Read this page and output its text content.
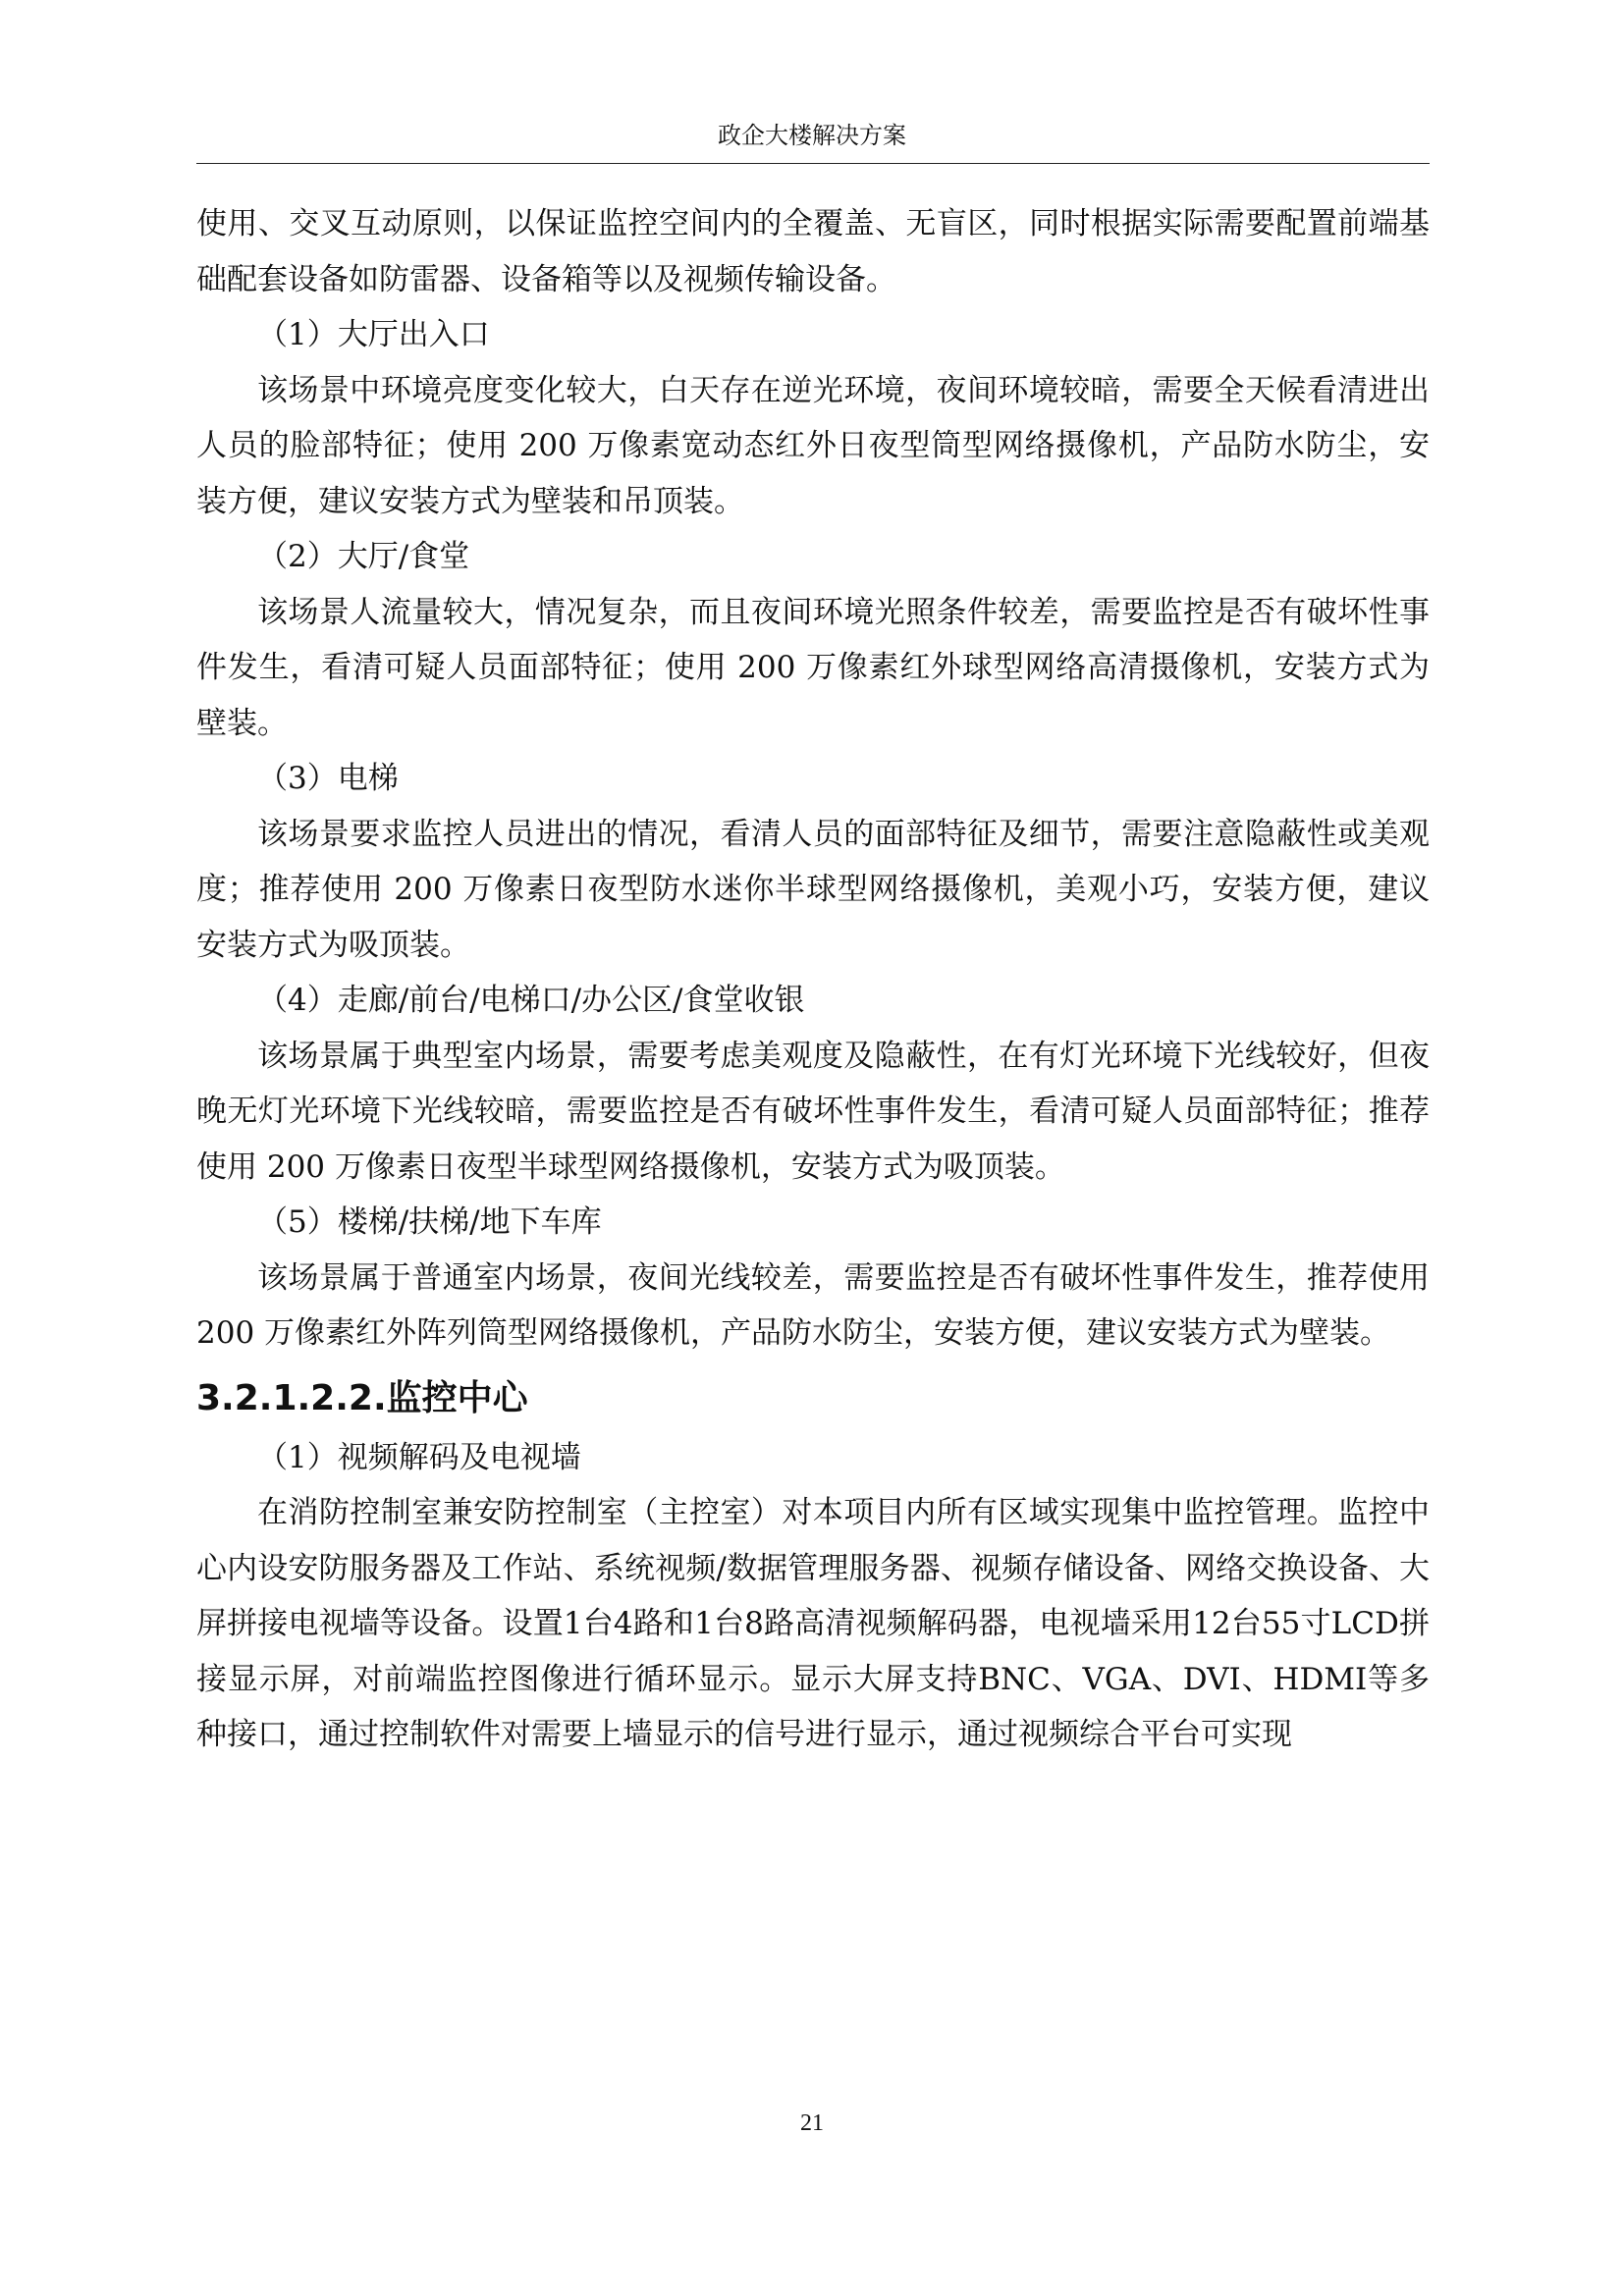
政企大楼解决方案

使用、交叉互动原则，以保证监控空间内的全覆盖、无盲区，同时根据实际需要配置前端基础配套设备如防雷器、设备箱等以及视频传输设备。

（1）大厅出入口

该场景中环境亮度变化较大，白天存在逆光环境，夜间环境较暗，需要全天候看清进出人员的脸部特征；使用 200 万像素宽动态红外日夜型筒型网络摄像机，产品防水防尘，安装方便，建议安装方式为壁装和吊顶装。

（2）大厅/食堂

该场景人流量较大，情况复杂，而且夜间环境光照条件较差，需要监控是否有破坏性事件发生，看清可疑人员面部特征；使用 200 万像素红外球型网络高清摄像机，安装方式为壁装。

（3）电梯

该场景要求监控人员进出的情况，看清人员的面部特征及细节，需要注意隐蔽性或美观度；推荐使用 200 万像素日夜型防水迷你半球型网络摄像机，美观小巧，安装方便，建议安装方式为吸顶装。

（4）走廊/前台/电梯口/办公区/食堂收银

该场景属于典型室内场景，需要考虑美观度及隐蔽性，在有灯光环境下光线较好，但夜晚无灯光环境下光线较暗，需要监控是否有破坏性事件发生，看清可疑人员面部特征；推荐使用 200 万像素日夜型半球型网络摄像机，安装方式为吸顶装。

（5）楼梯/扶梯/地下车库

该场景属于普通室内场景，夜间光线较差，需要监控是否有破坏性事件发生，推荐使用 200 万像素红外阵列筒型网络摄像机，产品防水防尘，安装方便，建议安装方式为壁装。

3.2.1.2.2.监控中心

（1）视频解码及电视墙

在消防控制室兼安防控制室（主控室）对本项目内所有区域实现集中监控管理。监控中心内设安防服务器及工作站、系统视频/数据管理服务器、视频存储设备、网络交换设备、大屏拼接电视墙等设备。设置1台4路和1台8路高清视频解码器，电视墙采用12台55寸LCD拼接显示屏，对前端监控图像进行循环显示。显示大屏支持BNC、VGA、DVI、HDMI等多种接口，通过控制软件对需要上墙显示的信号进行显示，通过视频综合平台可实现

21
